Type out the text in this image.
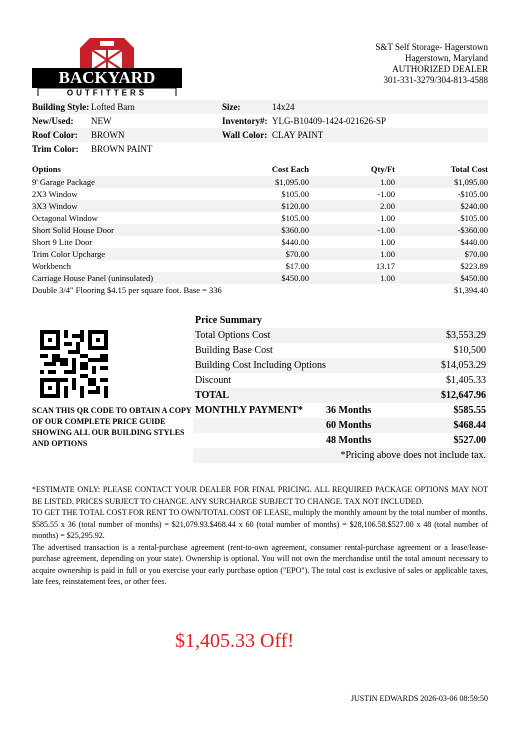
BACKYARD
OUTFITTERS
S&T Self Storage- Hagerstown
Hagerstown, Maryland
AUTHORIZED DEALER
301-331-3279/304-813-4588
Building Style: Lofted Barn	Size:	14x24
New/Used:	NEW	Inventory#: YLG-B10409-1424-021626-SP
Roof Color:	BROWN	Wall Color: CLAY PAINT
Trim Color:	BROWN PAINT
Options	Cost Each	Qty/Ft	Total Cost
9' Garage Package	$1,095.00	1.00	$1,095.00
2X3 Window	$105.00	-1.00	-$105.00
3X3 Window	$120.00	2.00	$240.00
Octagonal Window	$105.00	1.00	$105.00
Short Solid House Door	$360.00	-1.00	-$360.00
Short 9 Lite Door	$440.00	1.00	$440.00
Trim Color Upcharge	$70.00	1.00	$70.00
Workbench	$17.00	13.17	$223.89
Carriage House Panel (uninsulated)	$450.00	1.00	$450.00
Double 3/4" Flooring $4.15 per square foot. Base = 336	$1,394.40
SCAN THIS QR CODE TO OBTAIN A COPY OF OUR COMPLETE PRICE GUIDE SHOWING ALL OUR BUILDING STYLES AND OPTIONS
Price Summary
Total Options Cost	$3,553.29
Building Base Cost	$10,500
Building Cost Including Options	$14,053.29
Discount	$1,405.33
TOTAL	$12,647.96
MONTHLY PAYMENT*	36 Months	$585.55
60 Months	$468.44
48 Months	$527.00
*Pricing above does not include tax.

*ESTIMATE ONLY: PLEASE CONTACT YOUR DEALER FOR FINAL PRICING. ALL REQUIRED PACKAGE OPTIONS MAY NOT BE LISTED. PRICES SUBJECT TO CHANGE. ANY SURCHARGE SUBJECT TO CHANGE. TAX NOT INCLUDED.

TO GET THE TOTAL COST FOR RENT TO OWN/TOTAL COST OF LEASE, multiply the monthly amount by the total number of months.

$585.55 x 36 (total number of months) = $21,079.93.$468.44 x 60 (total number of months) = $28,106.58.$527.00 x 48 (total number of months) = $25,295.92.

The advertised transaction is a rental-purchase agreement (rent-to-own agreement, consumer rental-purchase agreement or a lease/lease-purchase agreement, depending on your state). Ownership is optional. You will not own the merchandise until the total amount necessary to acquire ownership is paid in full or you exercise your early purchase option ("EPO"). The total cost is exclusive of sales or applicable taxes, late fees, reinstatement fees, or other fees.

$1,405.33 Off!
JUSTIN EDWARDS 2026-03-06 08:59:50
